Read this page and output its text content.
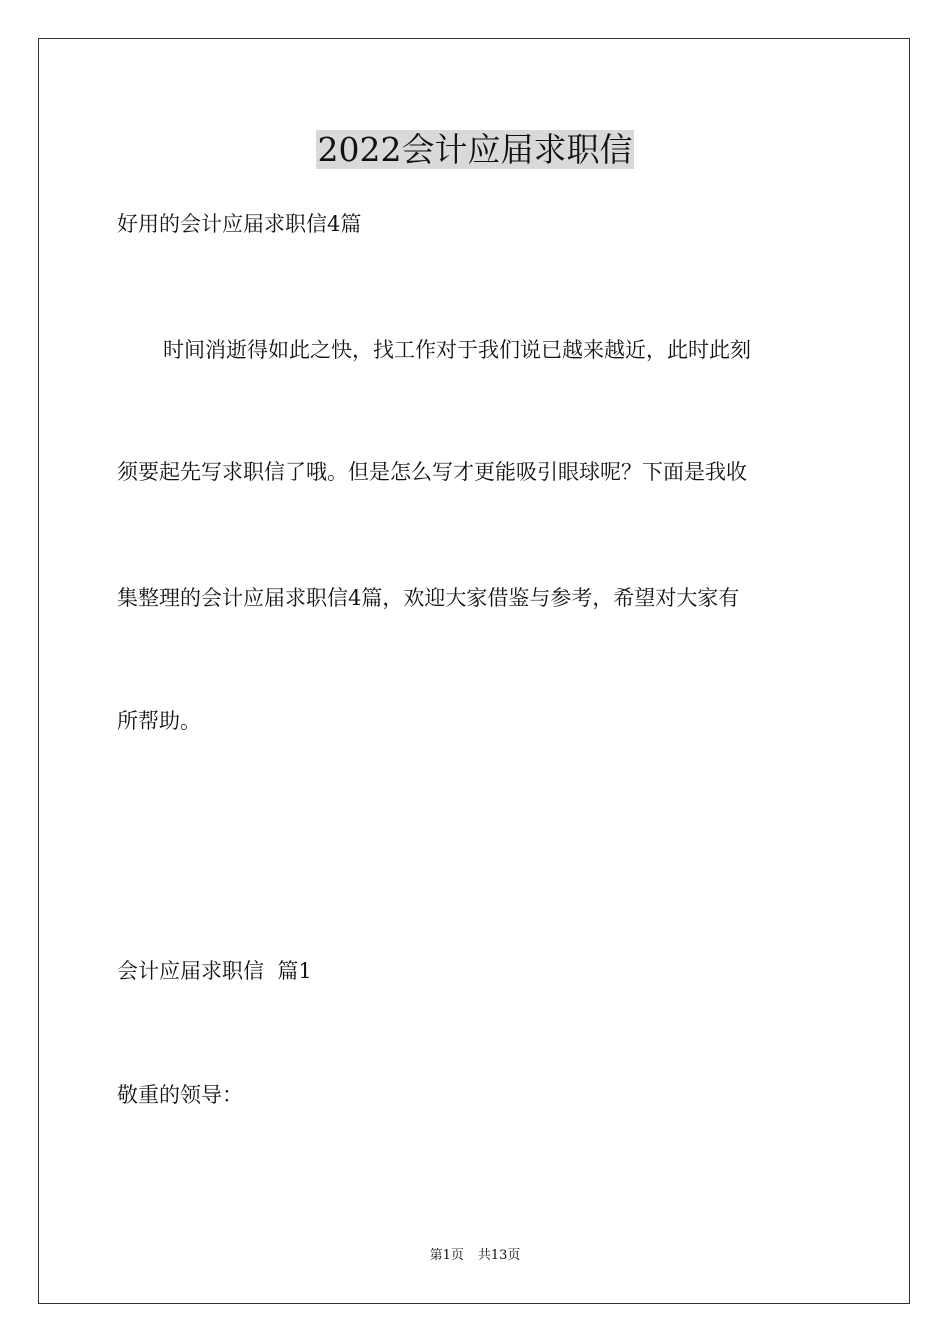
2022会计应届求职信
好用的会计应届求职信4篇
时间消逝得如此之快，找工作对于我们说已越来越近，此时此刻
须要起先写求职信了哦。但是怎么写才更能吸引眼球呢？下面是我收
集整理的会计应届求职信4篇，欢迎大家借鉴与参考，希望对大家有
所帮助。
会计应届求职信  篇1
敬重的领导：
第1页 共13页
